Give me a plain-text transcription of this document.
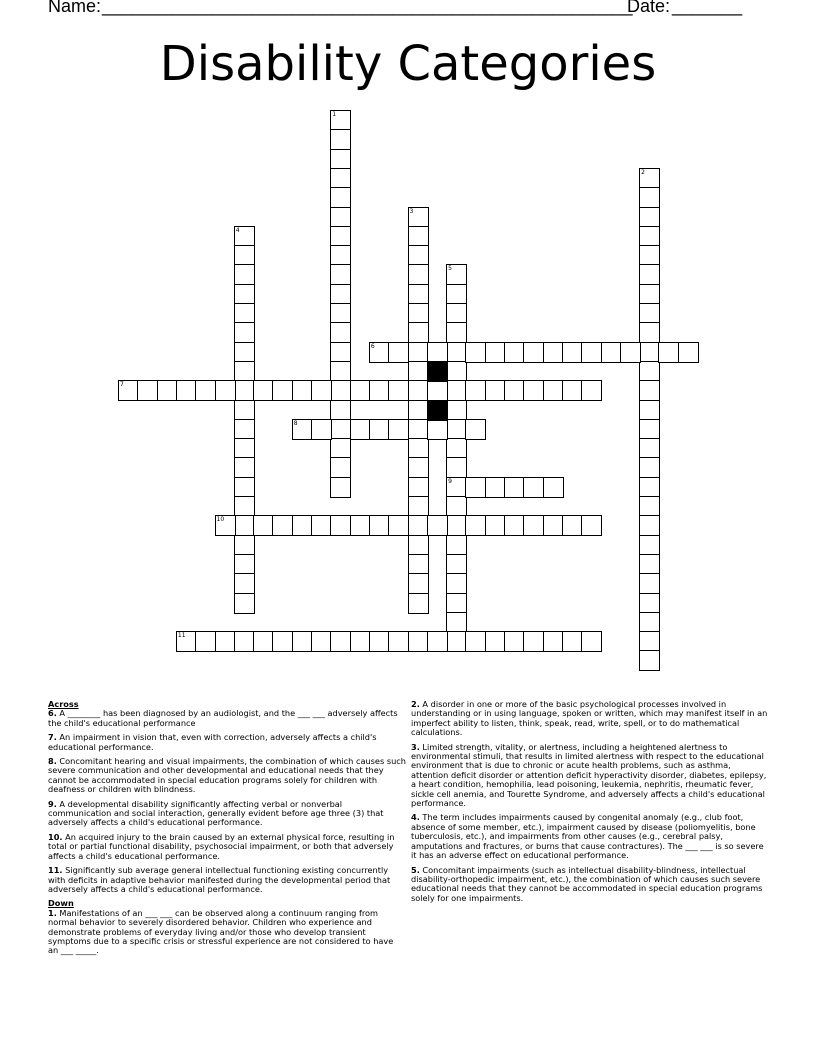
Name: _____________________________________________________
Date: _______
Disability Categories
1
2
3
4
5
9
6
7
8
10
11

Across

6. A ________ has been diagnosed by an audiologist, and the ___ ___ adversely affects the child's educational performance

7. An impairment in vision that, even with correction, adversely affects a child's educational performance.

8. Concomitant hearing and visual impairments, the combination of which causes such severe communication and other developmental and educational needs that they cannot be accommodated in special education programs solely for children with deafness or children with blindness.

9. A developmental disability significantly affecting verbal or nonverbal communication and social interaction, generally evident before age three (3) that adversely affects a child's educational performance.

10. An acquired injury to the brain caused by an external physical force, resulting in total or partial functional disability, psychosocial impairment, or both that adversely affects a child's educational performance.

11. Significantly sub average general intellectual functioning existing concurrently with deficits in adaptive behavior manifested during the developmental period that adversely affects a child's educational performance.

Down

1. Manifestations of an ___ ___ can be observed along a continuum ranging from normal behavior to severely disordered behavior. Children who experience and demonstrate problems of everyday living and/or those who develop transient symptoms due to a specific crisis or stressful experience are not considered to have an ___ _____.

2. A disorder in one or more of the basic psychological processes involved in understanding or in using language, spoken or written, which may manifest itself in an imperfect ability to listen, think, speak, read, write, spell, or to do mathematical calculations.

3. Limited strength, vitality, or alertness, including a heightened alertness to environmental stimuli, that results in limited alertness with respect to the educational environment that is due to chronic or acute health problems, such as asthma, attention deficit disorder or attention deficit hyperactivity disorder, diabetes, epilepsy, a heart condition, hemophilia, lead poisoning, leukemia, nephritis, rheumatic fever, sickle cell anemia, and Tourette Syndrome, and adversely affects a child's educational performance.

4. The term includes impairments caused by congenital anomaly (e.g., club foot, absence of some member, etc.), impairment caused by disease (poliomyelitis, bone tuberculosis, etc.), and impairments from other causes (e.g., cerebral palsy, amputations and fractures, or burns that cause contractures). The ___ ___ is so severe it has an adverse effect on educational performance.

5. Concomitant impairments (such as intellectual disability-blindness, intellectual disability-orthopedic impairment, etc.), the combination of which causes such severe educational needs that they cannot be accommodated in special education programs solely for one impairments.
